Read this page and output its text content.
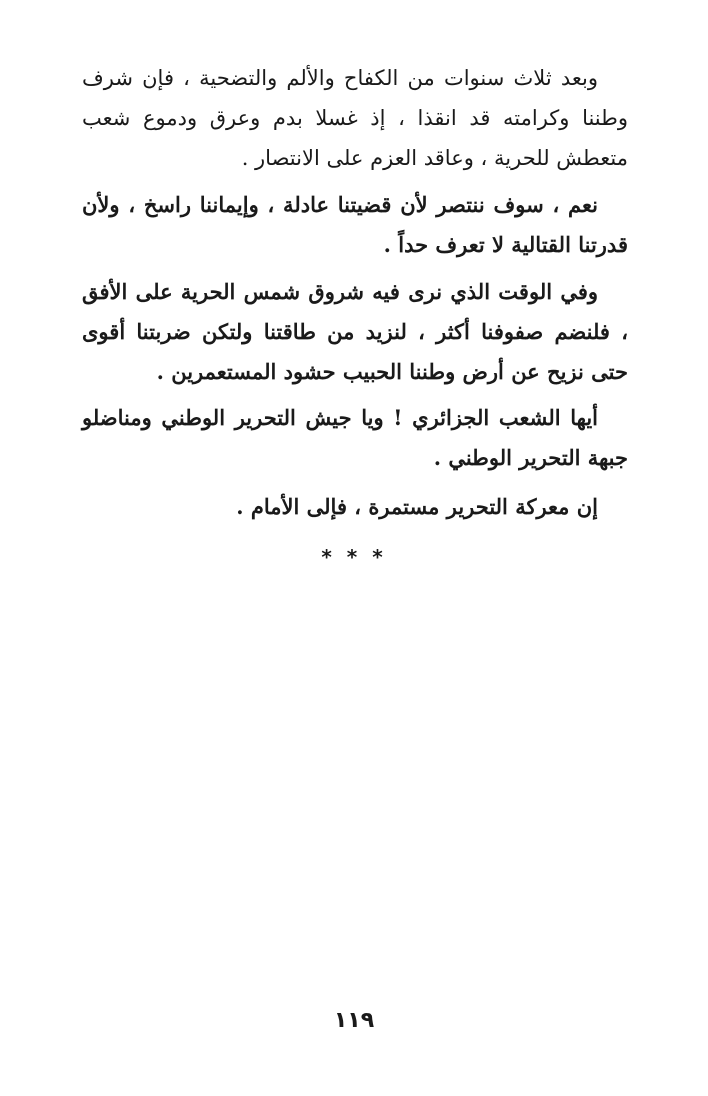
وبعد ثلاث سنوات من الكفاح والألم والتضحية ، فإن شرف وطننا وكرامته قد انقذا ، إذ غسلا بدم وعرق ودموع شعب متعطش للحرية ، وعاقد العزم على الانتصار .

نعم ، سوف ننتصر لأن قضيتنا عادلة ، وإيماننا راسخ ، ولأن قدرتنا القتالية لا تعرف حداً .

وفي الوقت الذي نرى فيه شروق شمس الحرية على الأفق ، فلنضم صفوفنا أكثر ، لنزيد من طاقتنا ولتكن ضربتنا أقوى حتى نزيح عن أرض وطننا الحبيب حشود المستعمرين .

أيها الشعب الجزائري ! ويا جيش التحرير الوطني ومناضلو جبهة التحرير الوطني .

إن معركة التحرير مستمرة ، فإلى الأمام .

* * *
١١٩
